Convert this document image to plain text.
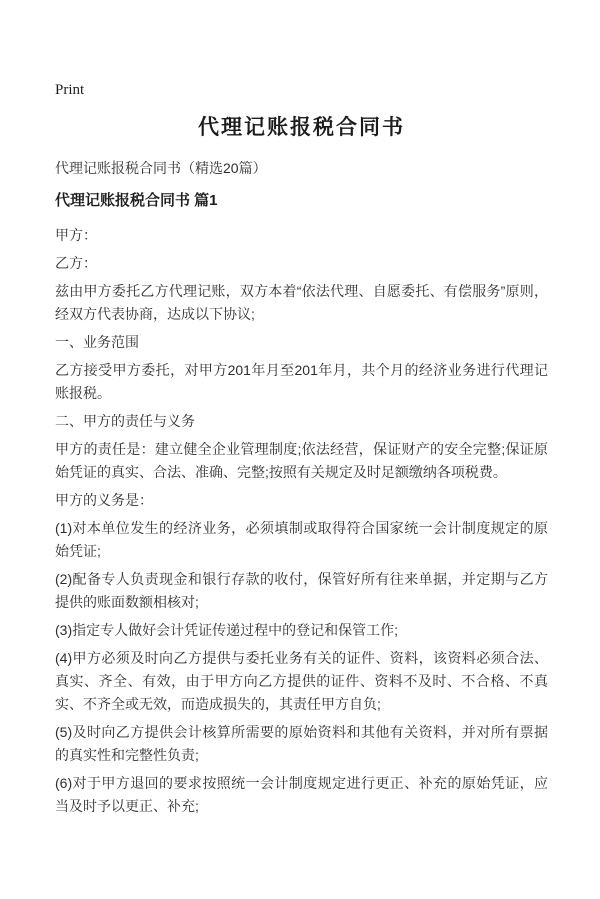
Print
代理记账报税合同书
代理记账报税合同书（精选20篇）
代理记账报税合同书 篇1

甲方：

乙方：

兹由甲方委托乙方代理记账，双方本着“依法代理、自愿委托、有偿服务”原则，经双方代表协商，达成以下协议;

一、业务范围

乙方接受甲方委托，对甲方201年月至201年月，共个月的经济业务进行代理记账报税。

二、甲方的责任与义务

甲方的责任是：建立健全企业管理制度;依法经营，保证财产的安全完整;保证原始凭证的真实、合法、准确、完整;按照有关规定及时足额缴纳各项税费。

甲方的义务是：

(1)对本单位发生的经济业务，必须填制或取得符合国家统一会计制度规定的原始凭证;

(2)配备专人负责现金和银行存款的收付，保管好所有往来单据，并定期与乙方提供的账面数额相核对;

(3)指定专人做好会计凭证传递过程中的登记和保管工作;

(4)甲方必须及时向乙方提供与委托业务有关的证件、资料，该资料必须合法、真实、齐全、有效，由于甲方向乙方提供的证件、资料不及时、不合格、不真实、不齐全或无效，而造成损失的，其责任甲方自负;

(5)及时向乙方提供会计核算所需要的原始资料和其他有关资料，并对所有票据的真实性和完整性负责;

(6)对于甲方退回的要求按照统一会计制度规定进行更正、补充的原始凭证，应当及时予以更正、补充;
